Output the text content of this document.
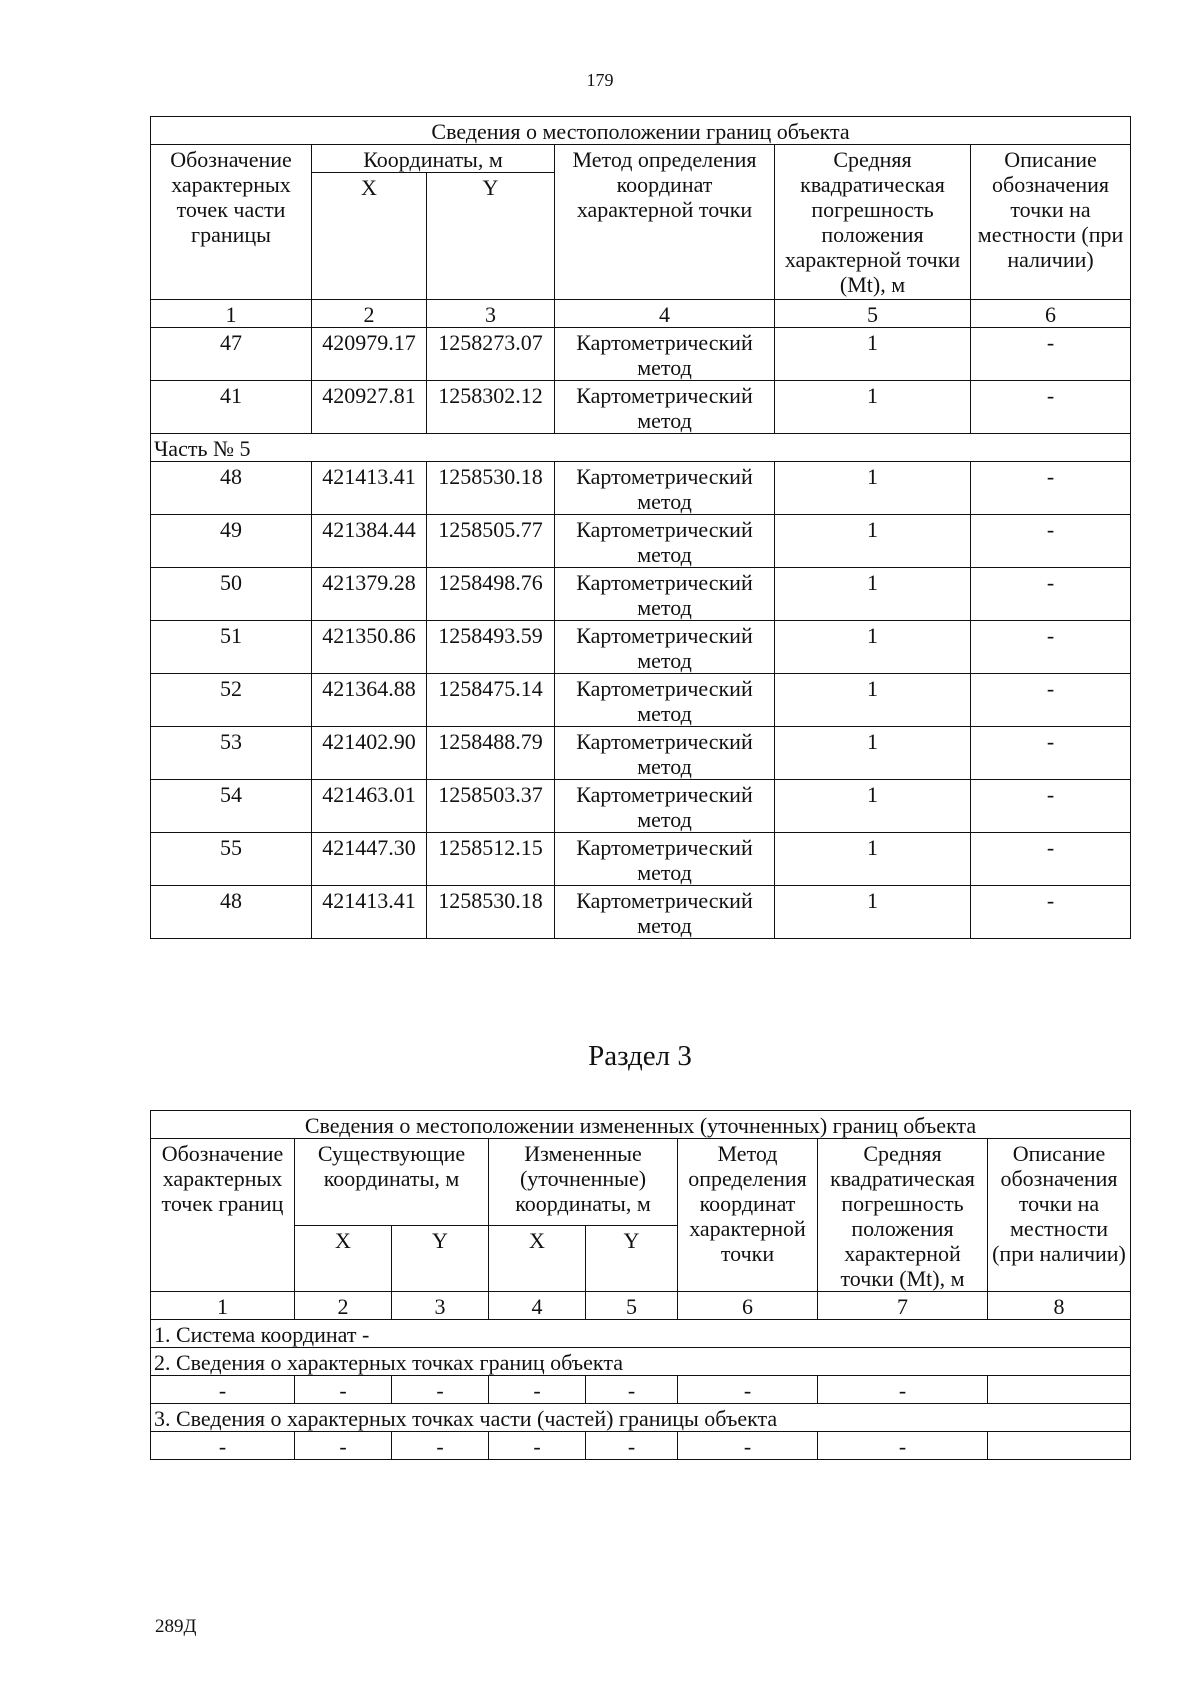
179
Сведения о местоположении границ объекта					
Обозначение характерных точек части границы	Координаты, м		Метод определения координат характерной точки	Средняя квадратическая погрешность положения характерной точки (Mt), м	Описание обозначения точки на местности (при наличии)
	X	Y			
1	2	3	4	5	6
47	420979.17	1258273.07	Картометрический метод	1	-
41	420927.81	1258302.12	Картометрический метод	1	-
Часть № 5					
48	421413.41	1258530.18	Картометрический метод	1	-
49	421384.44	1258505.77	Картометрический метод	1	-
50	421379.28	1258498.76	Картометрический метод	1	-
51	421350.86	1258493.59	Картометрический метод	1	-
52	421364.88	1258475.14	Картометрический метод	1	-
53	421402.90	1258488.79	Картометрический метод	1	-
54	421463.01	1258503.37	Картометрический метод	1	-
55	421447.30	1258512.15	Картометрический метод	1	-
48	421413.41	1258530.18	Картометрический метод	1	-
Раздел 3
Сведения о местоположении измененных (уточненных) границ объекта							
Обозначение характерных точек границ	Существующие координаты, м		Измененные (уточненные) координаты, м		Метод определения координат характерной точки	Средняя квадратическая погрешность положения характерной точки (Mt), м	Описание обозначения точки на местности (при наличии)
	X	Y	X	Y			
1	2	3	4	5	6	7	8
1. Система координат -							
2. Сведения о характерных точках границ объекта							
-	-	-	-	-	-	-	
3. Сведения о характерных точках части (частей) границы объекта							
-	-	-	-	-	-	-	
289Д
